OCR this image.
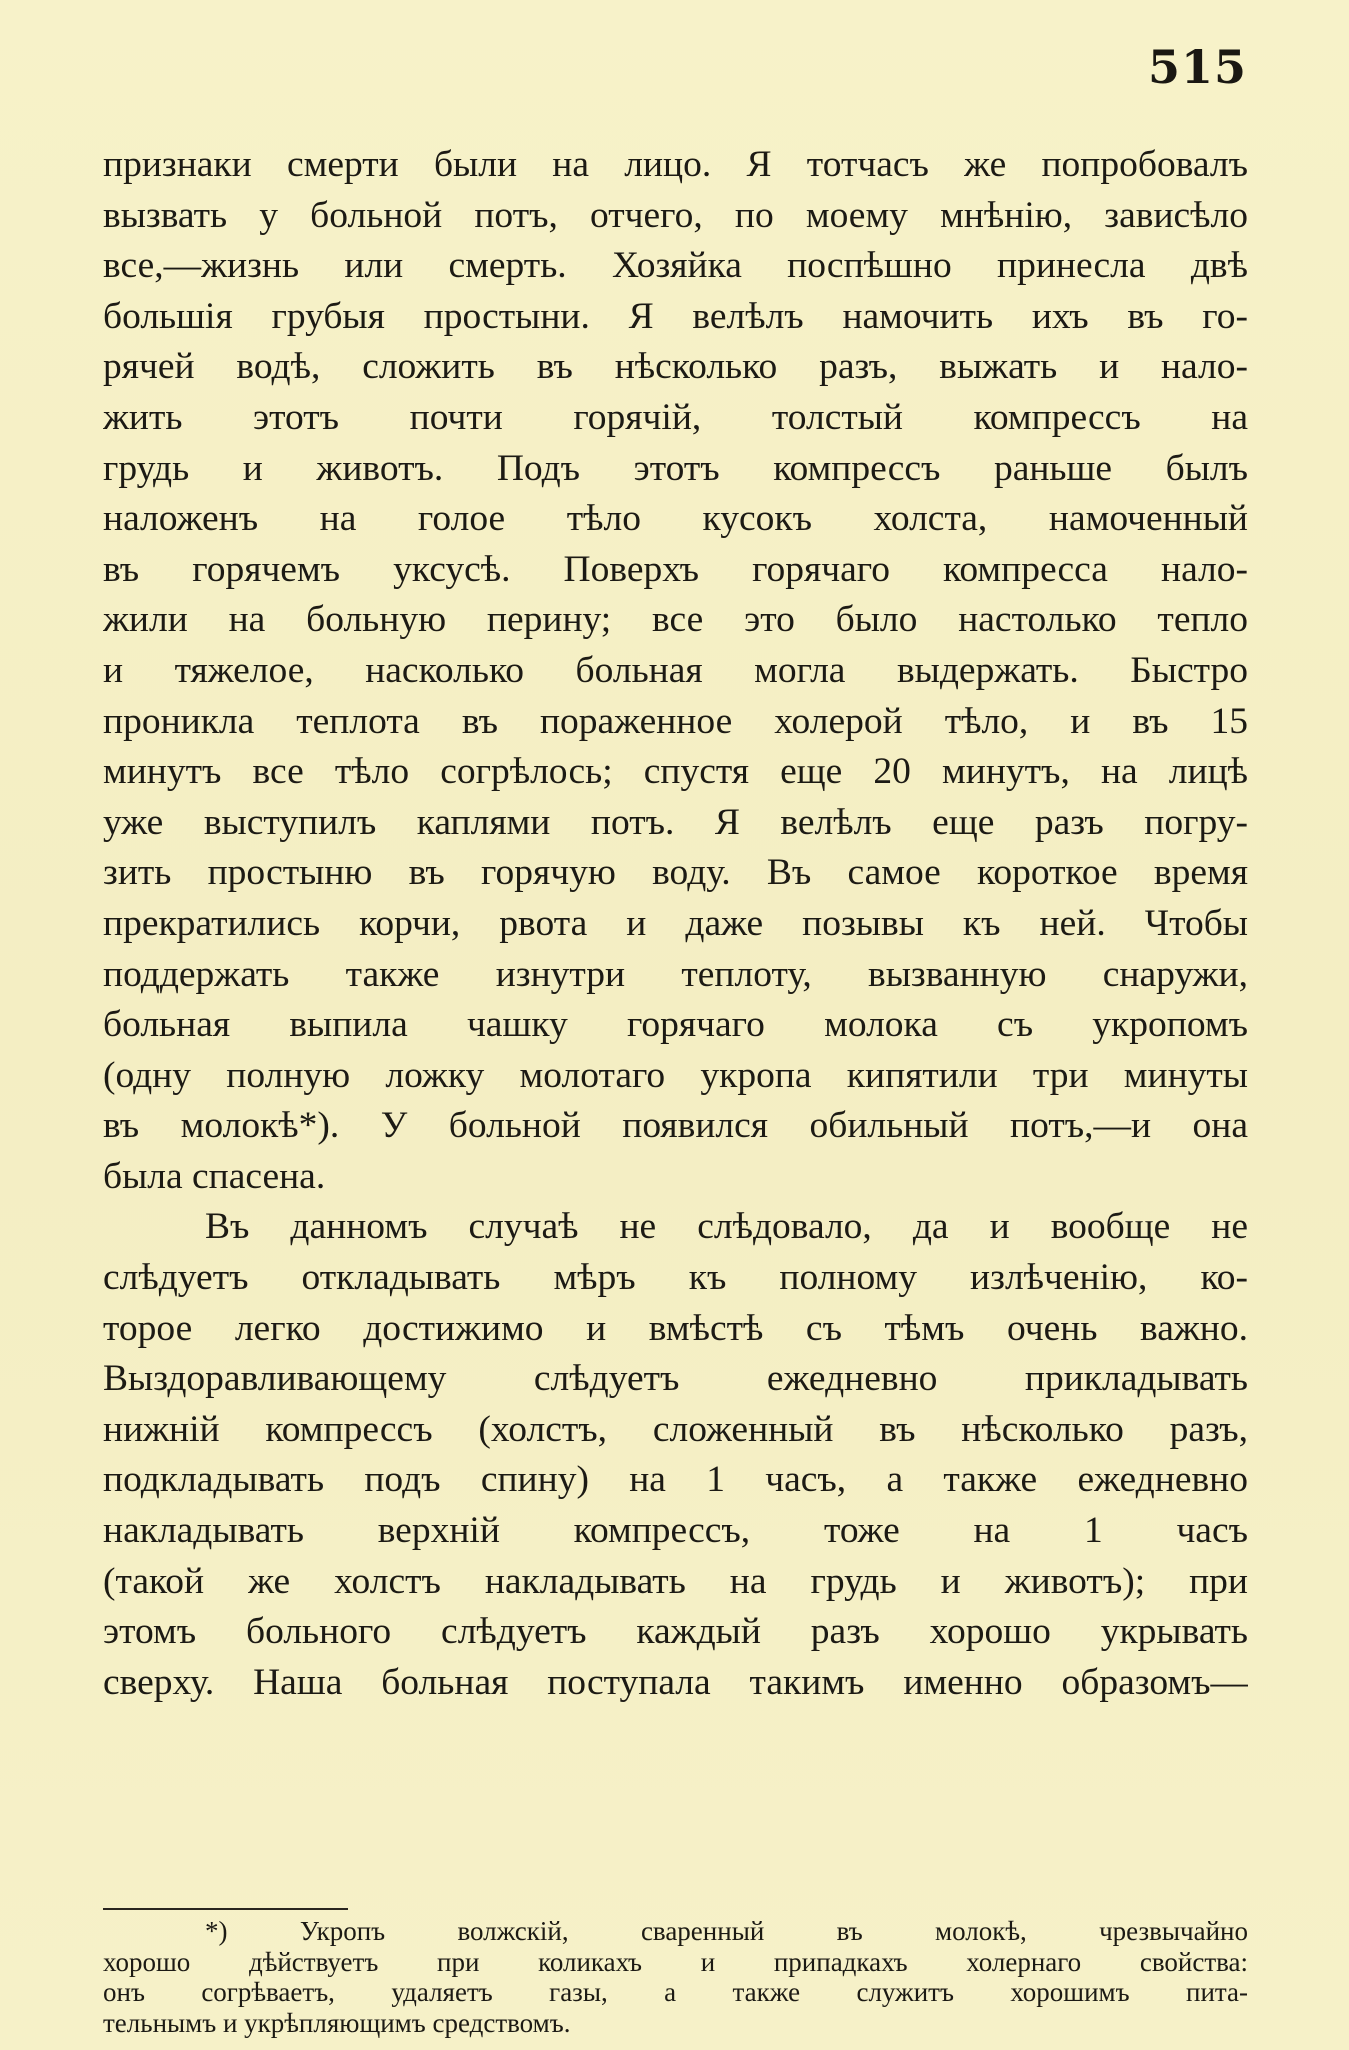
515
признаки смерти были на лицо. Я тотчасъ же попробовалъ
вызвать у больной потъ, отчего, по моему мнѣнію, зависѣло
все,—жизнь или смерть. Хозяйка поспѣшно принесла двѣ
большія грубыя простыни. Я велѣлъ намочить ихъ въ го-
рячей водѣ, сложить въ нѣсколько разъ, выжать и нало-
жить этотъ почти горячій, толстый компрессъ на
грудь и животъ. Подъ этотъ компрессъ раньше былъ
наложенъ на голое тѣло кусокъ холста, намоченный
въ горячемъ уксусѣ. Поверхъ горячаго компресса нало-
жили на больную перину; все это было настолько тепло
и тяжелое, насколько больная могла выдержать. Быстро
проникла теплота въ пораженное холерой тѣло, и въ 15
минутъ все тѣло согрѣлось; спустя еще 20 минутъ, на лицѣ
уже выступилъ каплями потъ. Я велѣлъ еще разъ погру-
зить простыню въ горячую воду. Въ самое короткое время
прекратились корчи, рвота и даже позывы къ ней. Чтобы
поддержать также изнутри теплоту, вызванную снаружи,
больная выпила чашку горячаго молока съ укропомъ
(одну полную ложку молотаго укропа кипятили три минуты
въ молокѣ*). У больной появился обильный потъ,—и она
была спасена.
Въ данномъ случаѣ не слѣдовало, да и вообще не
слѣдуетъ откладывать мѣръ къ полному излѣченію, ко-
торое легко достижимо и вмѣстѣ съ тѣмъ очень важно.
Выздоравливающему слѣдуетъ ежедневно прикладывать
нижній компрессъ (холстъ, сложенный въ нѣсколько разъ,
подкладывать подъ спину) на 1 часъ, а также ежедневно
накладывать верхній компрессъ, тоже на 1 часъ
(такой же холстъ накладывать на грудь и животъ); при
этомъ больного слѣдуетъ каждый разъ хорошо укрывать
сверху. Наша больная поступала такимъ именно образомъ—
*) Укропъ волжскій, сваренный въ молокѣ, чрезвычайно
хорошо дѣйствуетъ при коликахъ и припадкахъ холернаго свойства:
онъ согрѣваетъ, удаляетъ газы, а также служитъ хорошимъ пита-
тельнымъ и укрѣпляющимъ средствомъ.
